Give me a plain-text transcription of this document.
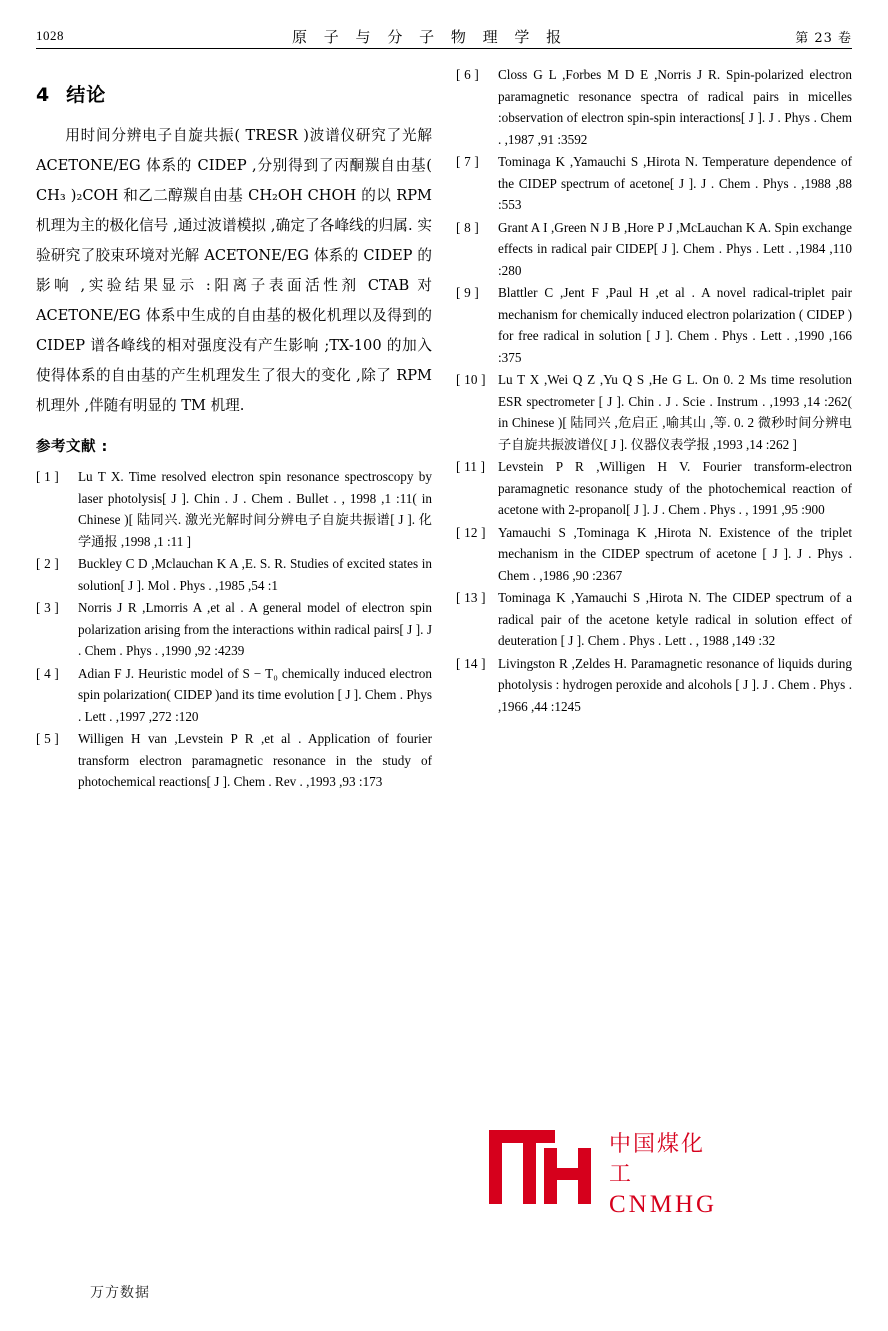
1028	原 子 与 分 子 物 理 学 报	第 23 卷
4 结论

用时间分辨电子自旋共振( TRESR )波谱仪研究了光解 ACETONE/EG 体系的 CIDEP ,分别得到了丙酮羰自由基( CH₃ )₂COH 和乙二醇羰自由基 CH₂OH CHOH 的以 RPM 机理为主的极化信号 ,通过波谱模拟 ,确定了各峰线的归属. 实验研究了胶束环境对光解 ACETONE/EG 体系的 CIDEP 的影响 ,实验结果显示 :阳离子表面活性剂 CTAB 对 ACETONE/EG 体系中生成的自由基的极化机理以及得到的 CIDEP 谱各峰线的相对强度没有产生影响 ;TX-100 的加入使得体系的自由基的产生机理发生了很大的变化 ,除了 RPM 机理外 ,伴随有明显的 TM 机理.

参考文献 :
[ 1 ]	Lu T X. Time resolved electron spin resonance spectroscopy by laser photolysis[ J ]. Chin . J . Chem . Bullet . , 1998 ,1 :11( in Chinese )[ 陆同兴. 激光光解时间分辨电子自旋共振谱[ J ]. 化学通报 ,1998 ,1 :11 ]
[ 2 ]	Buckley C D ,Mclauchan K A ,E. S. R. Studies of excited states in solution[ J ]. Mol . Phys . ,1985 ,54 :1
[ 3 ]	Norris J R ,Lmorris A ,et al . A general model of electron spin polarization arising from the interactions within radical pairs[ J ]. J . Chem . Phys . ,1990 ,92 :4239
[ 4 ]	Adian F J. Heuristic model of S − T₀ chemically induced electron spin polarization( CIDEP )and its time evolution [ J ]. Chem . Phys . Lett . ,1997 ,272 :120
[ 5 ]	Willigen H van ,Levstein P R ,et al . Application of fourier transform electron paramagnetic resonance in the study of photochemical reactions[ J ]. Chem . Rev . ,1993 ,93 :173
[ 6 ]	Closs G L ,Forbes M D E ,Norris J R. Spin-polarized electron paramagnetic resonance spectra of radical pairs in micelles :observation of electron spin-spin interactions[ J ]. J . Phys . Chem . ,1987 ,91 :3592
[ 7 ]	Tominaga K ,Yamauchi S ,Hirota N. Temperature dependence of the CIDEP spectrum of acetone[ J ]. J . Chem . Phys . ,1988 ,88 :553
[ 8 ]	Grant A I ,Green N J B ,Hore P J ,McLauchan K A. Spin exchange effects in radical pair CIDEP[ J ]. Chem . Phys . Lett . ,1984 ,110 :280
[ 9 ]	Blattler C ,Jent F ,Paul H ,et al . A novel radical-triplet pair mechanism for chemically induced electron polarization ( CIDEP ) for free radical in solution [ J ]. Chem . Phys . Lett . ,1990 ,166 :375
[ 10 ] Lu T X ,Wei Q Z ,Yu Q S ,He G L. On 0. 2 Ms time resolution ESR spectrometer [ J ]. Chin . J . Scie . Instrum . ,1993 ,14 :262( in Chinese )[ 陆同兴 ,危启正 ,喻其山 ,等. 0. 2 微秒时间分辨电子自旋共振波谱仪[ J ]. 仪器仪表学报 ,1993 ,14 :262 ]
[ 11 ] Levstein P R ,Willigen H V. Fourier transform-electron paramagnetic resonance study of the photochemical reaction of acetone with 2-propanol[ J ]. J . Chem . Phys . , 1991 ,95 :900
[ 12 ] Yamauchi S ,Tominaga K ,Hirota N. Existence of the triplet mechanism in the CIDEP spectrum of acetone [ J ]. J . Phys . Chem . ,1986 ,90 :2367
[ 13 ] Tominaga K ,Yamauchi S ,Hirota N. The CIDEP spectrum of a radical pair of the acetone ketyle radical in solution effect of deuteration [ J ]. Chem . Phys . Lett . , 1988 ,149 :32
[ 14 ] Livingston R ,Zeldes H. Paramagnetic resonance of liquids during photolysis : hydrogen peroxide and alcohols [ J ]. J . Chem . Phys . ,1966 ,44 :1245
中国煤化工
CNMHG
万方数据
